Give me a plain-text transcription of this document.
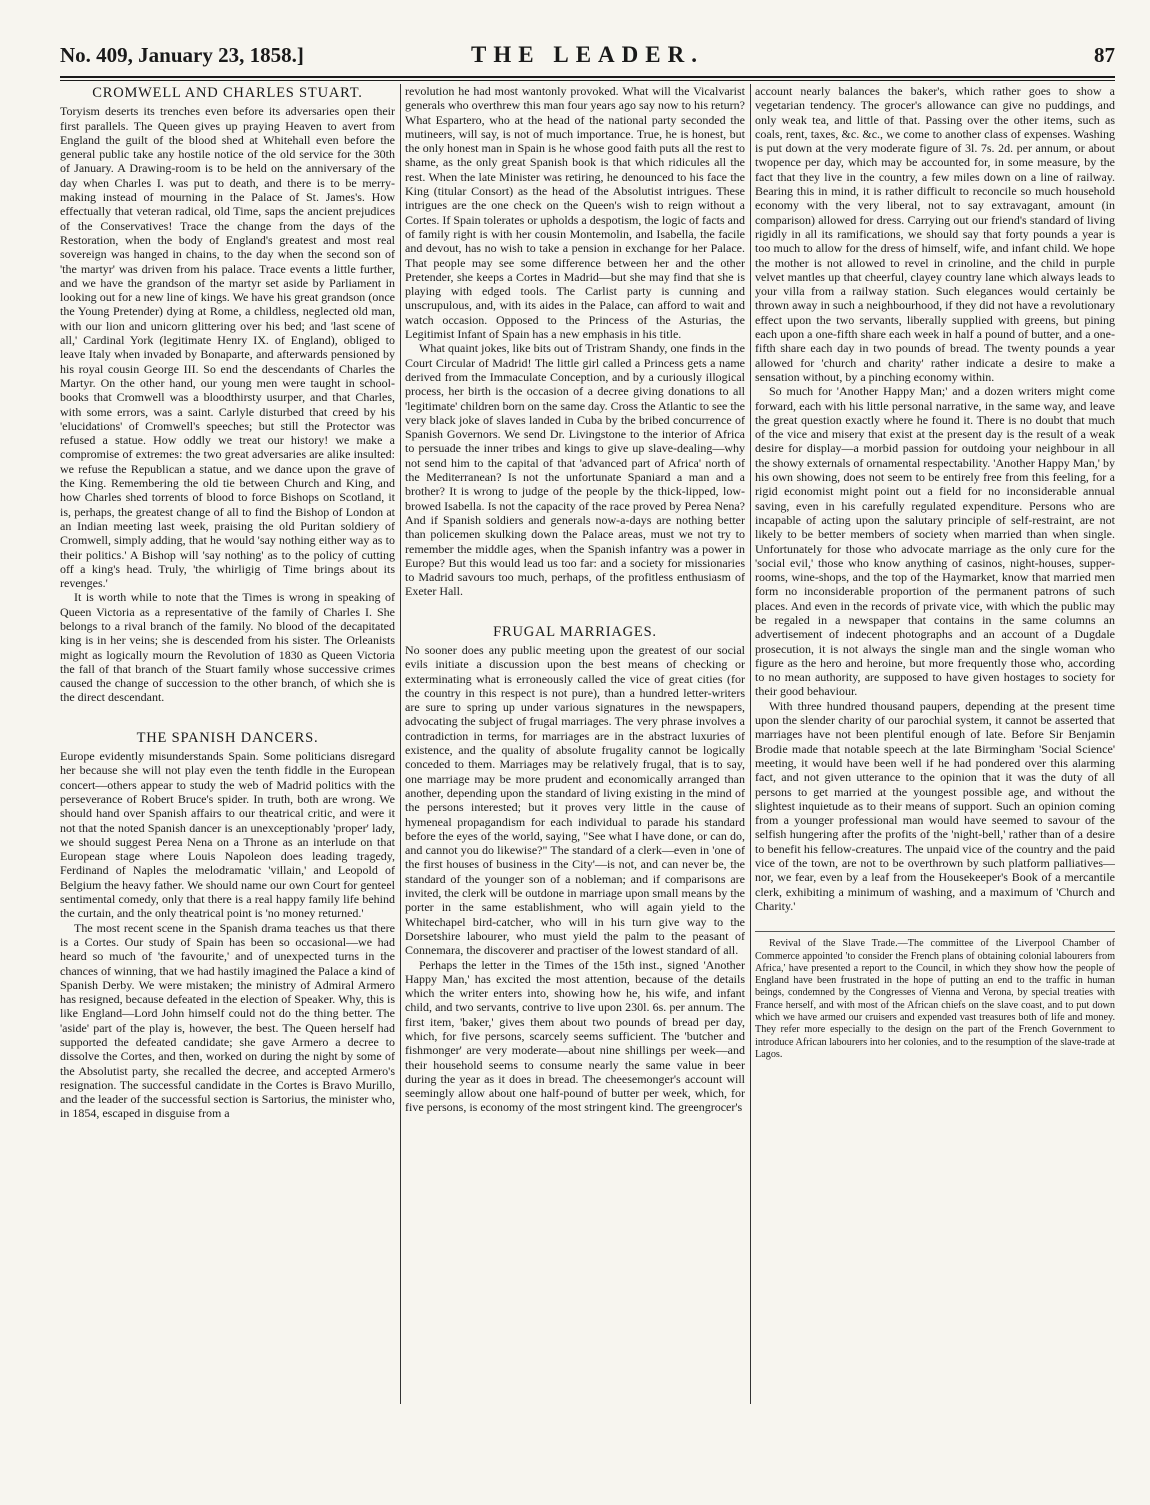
No. 409, January 23, 1858.]	THE LEADER.	87
CROMWELL AND CHARLES STUART.

Toryism deserts its trenches even before its adversaries open their first parallels. The Queen gives up praying Heaven to avert from England the guilt of the blood shed at Whitehall even before the general public take any hostile notice of the old service for the 30th of January. A Drawing-room is to be held on the anniversary of the day when Charles I. was put to death, and there is to be merry-making instead of mourning in the Palace of St. James's. How effectually that veteran radical, old Time, saps the ancient prejudices of the Conservatives! Trace the change from the days of the Restoration, when the body of England's greatest and most real sovereign was hanged in chains, to the day when the second son of 'the martyr' was driven from his palace. Trace events a little further, and we have the grandson of the martyr set aside by Parliament in looking out for a new line of kings. We have his great grandson (once the Young Pretender) dying at Rome, a childless, neglected old man, with our lion and unicorn glittering over his bed; and 'last scene of all,' Cardinal York (legitimate Henry IX. of England), obliged to leave Italy when invaded by Bonaparte, and afterwards pensioned by his royal cousin George III. So end the descendants of Charles the Martyr. On the other hand, our young men were taught in school-books that Cromwell was a bloodthirsty usurper, and that Charles, with some errors, was a saint. Carlyle disturbed that creed by his 'elucidations' of Cromwell's speeches; but still the Protector was refused a statue. How oddly we treat our history! we make a compromise of extremes: the two great adversaries are alike insulted: we refuse the Republican a statue, and we dance upon the grave of the King. Remembering the old tie between Church and King, and how Charles shed torrents of blood to force Bishops on Scotland, it is, perhaps, the greatest change of all to find the Bishop of London at an Indian meeting last week, praising the old Puritan soldiery of Cromwell, simply adding, that he would 'say nothing either way as to their politics.' A Bishop will 'say nothing' as to the policy of cutting off a king's head. Truly, 'the whirligig of Time brings about its revenges.'

It is worth while to note that the Times is wrong in speaking of Queen Victoria as a representative of the family of Charles I. She belongs to a rival branch of the family. No blood of the decapitated king is in her veins; she is descended from his sister. The Orleanists might as logically mourn the Revolution of 1830 as Queen Victoria the fall of that branch of the Stuart family whose successive crimes caused the change of succession to the other branch, of which she is the direct descendant.

THE SPANISH DANCERS.

Europe evidently misunderstands Spain. Some politicians disregard her because she will not play even the tenth fiddle in the European concert—others appear to study the web of Madrid politics with the perseverance of Robert Bruce's spider. In truth, both are wrong. We should hand over Spanish affairs to our theatrical critic, and were it not that the noted Spanish dancer is an unexceptionably 'proper' lady, we should suggest Perea Nena on a Throne as an interlude on that European stage where Louis Napoleon does leading tragedy, Ferdinand of Naples the melodramatic 'villain,' and Leopold of Belgium the heavy father. We should name our own Court for genteel sentimental comedy, only that there is a real happy family life behind the curtain, and the only theatrical point is 'no money returned.'

The most recent scene in the Spanish drama teaches us that there is a Cortes. Our study of Spain has been so occasional—we had heard so much of 'the favourite,' and of unexpected turns in the chances of winning, that we had hastily imagined the Palace a kind of Spanish Derby. We were mistaken; the ministry of Admiral Armero has resigned, because defeated in the election of Speaker. Why, this is like England—Lord John himself could not do the thing better. The 'aside' part of the play is, however, the best. The Queen herself had supported the defeated candidate; she gave Armero a decree to dissolve the Cortes, and then, worked on during the night by some of the Absolutist party, she recalled the decree, and accepted Armero's resignation. The successful candidate in the Cortes is Bravo Murillo, and the leader of the successful section is Sartorius, the minister who, in 1854, escaped in disguise from a

revolution he had most wantonly provoked. What will the Vicalvarist generals who overthrew this man four years ago say now to his return? What Espartero, who at the head of the national party seconded the mutineers, will say, is not of much importance. True, he is honest, but the only honest man in Spain is he whose good faith puts all the rest to shame, as the only great Spanish book is that which ridicules all the rest. When the late Minister was retiring, he denounced to his face the King (titular Consort) as the head of the Absolutist intrigues. These intrigues are the one check on the Queen's wish to reign without a Cortes. If Spain tolerates or upholds a despotism, the logic of facts and of family right is with her cousin Montemolin, and Isabella, the facile and devout, has no wish to take a pension in exchange for her Palace. That people may see some difference between her and the other Pretender, she keeps a Cortes in Madrid—but she may find that she is playing with edged tools. The Carlist party is cunning and unscrupulous, and, with its aides in the Palace, can afford to wait and watch occasion. Opposed to the Princess of the Asturias, the Legitimist Infant of Spain has a new emphasis in his title.

What quaint jokes, like bits out of Tristram Shandy, one finds in the Court Circular of Madrid! The little girl called a Princess gets a name derived from the Immaculate Conception, and by a curiously illogical process, her birth is the occasion of a decree giving donations to all 'legitimate' children born on the same day. Cross the Atlantic to see the very black joke of slaves landed in Cuba by the bribed concurrence of Spanish Governors. We send Dr. Livingstone to the interior of Africa to persuade the inner tribes and kings to give up slave-dealing—why not send him to the capital of that 'advanced part of Africa' north of the Mediterranean? Is not the unfortunate Spaniard a man and a brother? It is wrong to judge of the people by the thick-lipped, low-browed Isabella. Is not the capacity of the race proved by Perea Nena? And if Spanish soldiers and generals now-a-days are nothing better than policemen skulking down the Palace areas, must we not try to remember the middle ages, when the Spanish infantry was a power in Europe? But this would lead us too far: and a society for missionaries to Madrid savours too much, perhaps, of the profitless enthusiasm of Exeter Hall.

FRUGAL MARRIAGES.

No sooner does any public meeting upon the greatest of our social evils initiate a discussion upon the best means of checking or exterminating what is erroneously called the vice of great cities (for the country in this respect is not pure), than a hundred letter-writers are sure to spring up under various signatures in the newspapers, advocating the subject of frugal marriages. The very phrase involves a contradiction in terms, for marriages are in the abstract luxuries of existence, and the quality of absolute frugality cannot be logically conceded to them. Marriages may be relatively frugal, that is to say, one marriage may be more prudent and economically arranged than another, depending upon the standard of living existing in the mind of the persons interested; but it proves very little in the cause of hymeneal propagandism for each individual to parade his standard before the eyes of the world, saying, "See what I have done, or can do, and cannot you do likewise?" The standard of a clerk—even in 'one of the first houses of business in the City'—is not, and can never be, the standard of the younger son of a nobleman; and if comparisons are invited, the clerk will be outdone in marriage upon small means by the porter in the same establishment, who will again yield to the Whitechapel bird-catcher, who will in his turn give way to the Dorsetshire labourer, who must yield the palm to the peasant of Connemara, the discoverer and practiser of the lowest standard of all.

Perhaps the letter in the Times of the 15th inst., signed 'Another Happy Man,' has excited the most attention, because of the details which the writer enters into, showing how he, his wife, and infant child, and two servants, contrive to live upon 230l. 6s. per annum. The first item, 'baker,' gives them about two pounds of bread per day, which, for five persons, scarcely seems sufficient. The 'butcher and fishmonger' are very moderate—about nine shillings per week—and their household seems to consume nearly the same value in beer during the year as it does in bread. The cheesemonger's account will seemingly allow about one half-pound of butter per week, which, for five persons, is economy of the most stringent kind. The greengrocer's

account nearly balances the baker's, which rather goes to show a vegetarian tendency. The grocer's allowance can give no puddings, and only weak tea, and little of that. Passing over the other items, such as coals, rent, taxes, &c. &c., we come to another class of expenses. Washing is put down at the very moderate figure of 3l. 7s. 2d. per annum, or about twopence per day, which may be accounted for, in some measure, by the fact that they live in the country, a few miles down on a line of railway. Bearing this in mind, it is rather difficult to reconcile so much household economy with the very liberal, not to say extravagant, amount (in comparison) allowed for dress. Carrying out our friend's standard of living rigidly in all its ramifications, we should say that forty pounds a year is too much to allow for the dress of himself, wife, and infant child. We hope the mother is not allowed to revel in crinoline, and the child in purple velvet mantles up that cheerful, clayey country lane which always leads to your villa from a railway station. Such elegances would certainly be thrown away in such a neighbourhood, if they did not have a revolutionary effect upon the two servants, liberally supplied with greens, but pining each upon a one-fifth share each week in half a pound of butter, and a one-fifth share each day in two pounds of bread. The twenty pounds a year allowed for 'church and charity' rather indicate a desire to make a sensation without, by a pinching economy within.

So much for 'Another Happy Man;' and a dozen writers might come forward, each with his little personal narrative, in the same way, and leave the great question exactly where he found it. There is no doubt that much of the vice and misery that exist at the present day is the result of a weak desire for display—a morbid passion for outdoing your neighbour in all the showy externals of ornamental respectability. 'Another Happy Man,' by his own showing, does not seem to be entirely free from this feeling, for a rigid economist might point out a field for no inconsiderable annual saving, even in his carefully regulated expenditure. Persons who are incapable of acting upon the salutary principle of self-restraint, are not likely to be better members of society when married than when single. Unfortunately for those who advocate marriage as the only cure for the 'social evil,' those who know anything of casinos, night-houses, supper-rooms, wine-shops, and the top of the Haymarket, know that married men form no inconsiderable proportion of the permanent patrons of such places. And even in the records of private vice, with which the public may be regaled in a newspaper that contains in the same columns an advertisement of indecent photographs and an account of a Dugdale prosecution, it is not always the single man and the single woman who figure as the hero and heroine, but more frequently those who, according to no mean authority, are supposed to have given hostages to society for their good behaviour.

With three hundred thousand paupers, depending at the present time upon the slender charity of our parochial system, it cannot be asserted that marriages have not been plentiful enough of late. Before Sir Benjamin Brodie made that notable speech at the late Birmingham 'Social Science' meeting, it would have been well if he had pondered over this alarming fact, and not given utterance to the opinion that it was the duty of all persons to get married at the youngest possible age, and without the slightest inquietude as to their means of support. Such an opinion coming from a younger professional man would have seemed to savour of the selfish hungering after the profits of the 'night-bell,' rather than of a desire to benefit his fellow-creatures. The unpaid vice of the country and the paid vice of the town, are not to be overthrown by such platform palliatives—nor, we fear, even by a leaf from the Housekeeper's Book of a mercantile clerk, exhibiting a minimum of washing, and a maximum of 'Church and Charity.'

Revival of the Slave Trade.—The committee of the Liverpool Chamber of Commerce appointed 'to consider the French plans of obtaining colonial labourers from Africa,' have presented a report to the Council, in which they show how the people of England have been frustrated in the hope of putting an end to the traffic in human beings, condemned by the Congresses of Vienna and Verona, by special treaties with France herself, and with most of the African chiefs on the slave coast, and to put down which we have armed our cruisers and expended vast treasures both of life and money. They refer more especially to the design on the part of the French Government to introduce African labourers into her colonies, and to the resumption of the slave-trade at Lagos.
